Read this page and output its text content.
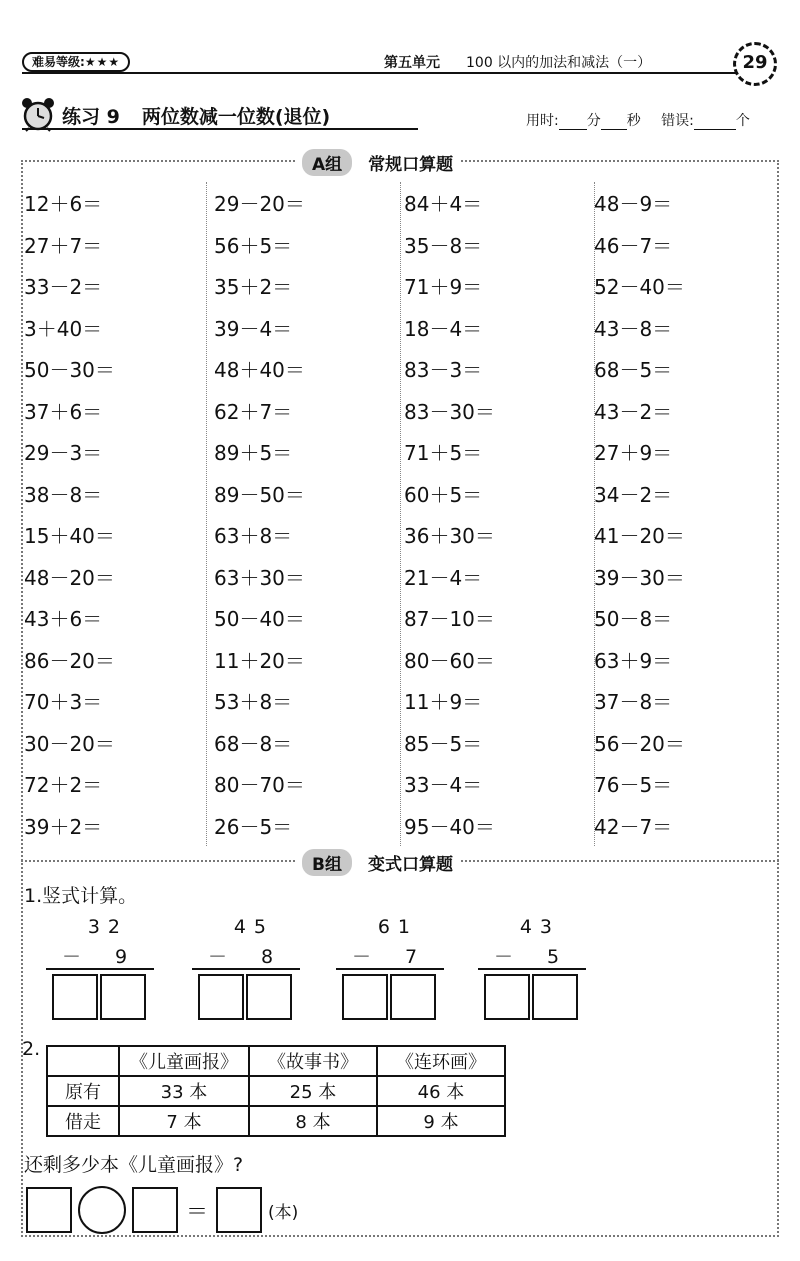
难易等级:★★★	第五单元 100 以内的加法和减法（一）	29
练习 9 两位数减一位数(退位)	用时: 分 秒 错误:	个
A组 常规口算题
12＋6＝	29－20＝	84＋4＝	48－9＝
27＋7＝	56＋5＝	35－8＝	46－7＝
33－2＝	35＋2＝	71＋9＝	52－40＝
3＋40＝	39－4＝	18－4＝	43－8＝
50－30＝	48＋40＝	83－3＝	68－5＝
37＋6＝	62＋7＝	83－30＝	43－2＝
29－3＝	89＋5＝	71＋5＝	27＋9＝
38－8＝	89－50＝	60＋5＝	34－2＝
15＋40＝	63＋8＝	36＋30＝	41－20＝
48－20＝	63＋30＝	21－4＝	39－30＝
43＋6＝	50－40＝	87－10＝	50－8＝
86－20＝	11＋20＝	80－60＝	63＋9＝
70＋3＝	53＋8＝	11＋9＝	37－8＝
30－20＝	68－8＝	85－5＝	56－20＝
72＋2＝	80－70＝	33－4＝	76－5＝
39＋2＝	26－5＝	95－40＝	42－7＝
B组 变式口算题
1.竖式计算。
32
－ 9
45
－ 8
61
－ 7
43
－ 5
2.
	《儿童画报》	《故事书》	《连环画》
原有	33 本	25 本	46 本
借走	7 本	8 本	9 本
还剩多少本《儿童画报》?
＝	(本)
